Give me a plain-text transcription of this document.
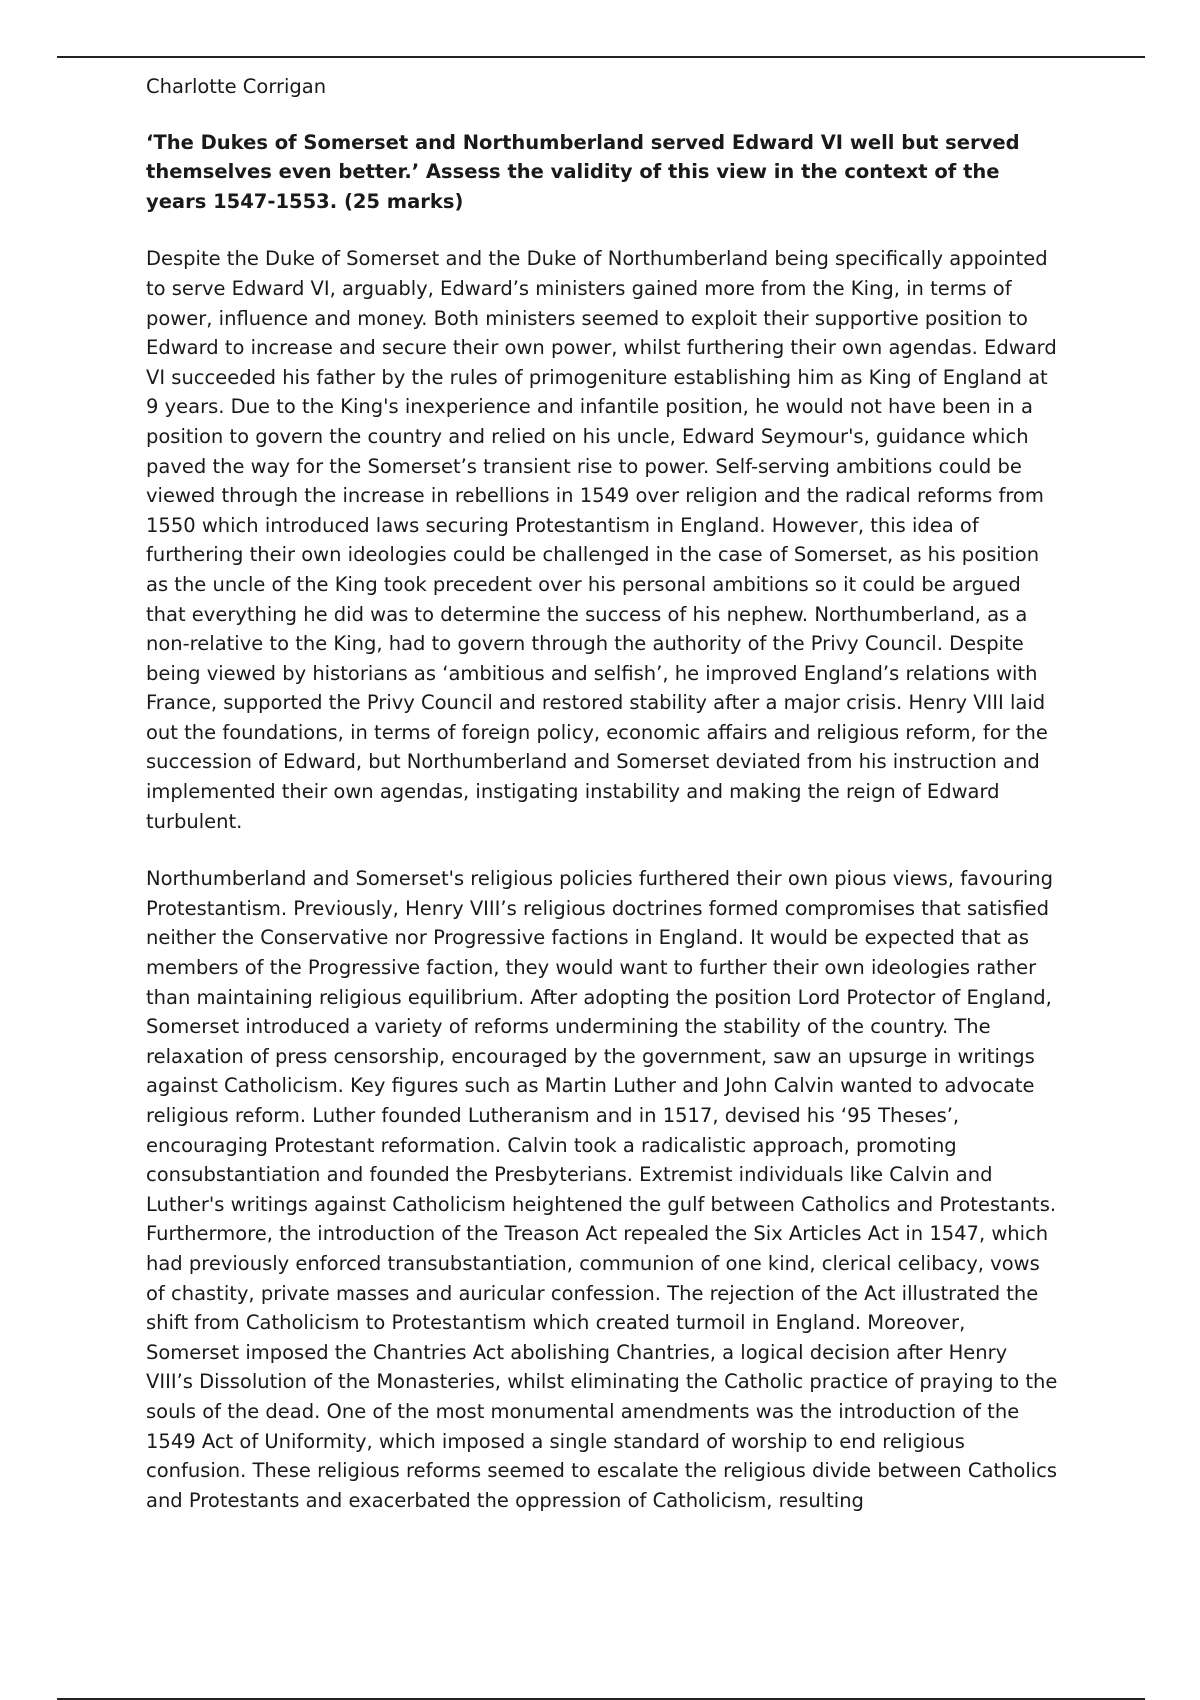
Charlotte Corrigan

‘The Dukes of Somerset and Northumberland served Edward VI well but served themselves even better.’ Assess the validity of this view in the context of the years 1547-1553. (25 marks)

Despite the Duke of Somerset and the Duke of Northumberland being specifically appointed to serve Edward VI, arguably, Edward’s ministers gained more from the King, in terms of power, influence and money. Both ministers seemed to exploit their supportive position to Edward to increase and secure their own power, whilst furthering their own agendas. Edward VI succeeded his father by the rules of primogeniture establishing him as King of England at 9 years. Due to the King's inexperience and infantile position, he would not have been in a position to govern the country and relied on his uncle, Edward Seymour's, guidance which paved the way for the Somerset’s transient rise to power. Self-serving ambitions could be viewed through the increase in rebellions in 1549 over religion and the radical reforms from 1550 which introduced laws securing Protestantism in England. However, this idea of furthering their own ideologies could be challenged in the case of Somerset, as his position as the uncle of the King took precedent over his personal ambitions so it could be argued that everything he did was to determine the success of his nephew. Northumberland, as a non-relative to the King, had to govern through the authority of the Privy Council. Despite being viewed by historians as ‘ambitious and selfish’, he improved England’s relations with France, supported the Privy Council and restored stability after a major crisis. Henry VIII laid out the foundations, in terms of foreign policy, economic affairs and religious reform, for the succession of Edward, but Northumberland and Somerset deviated from his instruction and implemented their own agendas, instigating instability and making the reign of Edward turbulent.

Northumberland and Somerset's religious policies furthered their own pious views, favouring Protestantism. Previously, Henry VIII’s religious doctrines formed compromises that satisfied neither the Conservative nor Progressive factions in England. It would be expected that as members of the Progressive faction, they would want to further their own ideologies rather than maintaining religious equilibrium. After adopting the position Lord Protector of England, Somerset introduced a variety of reforms undermining the stability of the country. The relaxation of press censorship, encouraged by the government, saw an upsurge in writings against Catholicism. Key figures such as Martin Luther and John Calvin wanted to advocate religious reform. Luther founded Lutheranism and in 1517, devised his ‘95 Theses’, encouraging Protestant reformation. Calvin took a radicalistic approach, promoting consubstantiation and founded the Presbyterians. Extremist individuals like Calvin and Luther's writings against Catholicism heightened the gulf between Catholics and Protestants. Furthermore, the introduction of the Treason Act repealed the Six Articles Act in 1547, which had previously enforced transubstantiation, communion of one kind, clerical celibacy, vows of chastity, private masses and auricular confession. The rejection of the Act illustrated the shift from Catholicism to Protestantism which created turmoil in England. Moreover, Somerset imposed the Chantries Act abolishing Chantries, a logical decision after Henry VIII’s Dissolution of the Monasteries, whilst eliminating the Catholic practice of praying to the souls of the dead. One of the most monumental amendments was the introduction of the 1549 Act of Uniformity, which imposed a single standard of worship to end religious confusion. These religious reforms seemed to escalate the religious divide between Catholics and Protestants and exacerbated the oppression of Catholicism, resulting
